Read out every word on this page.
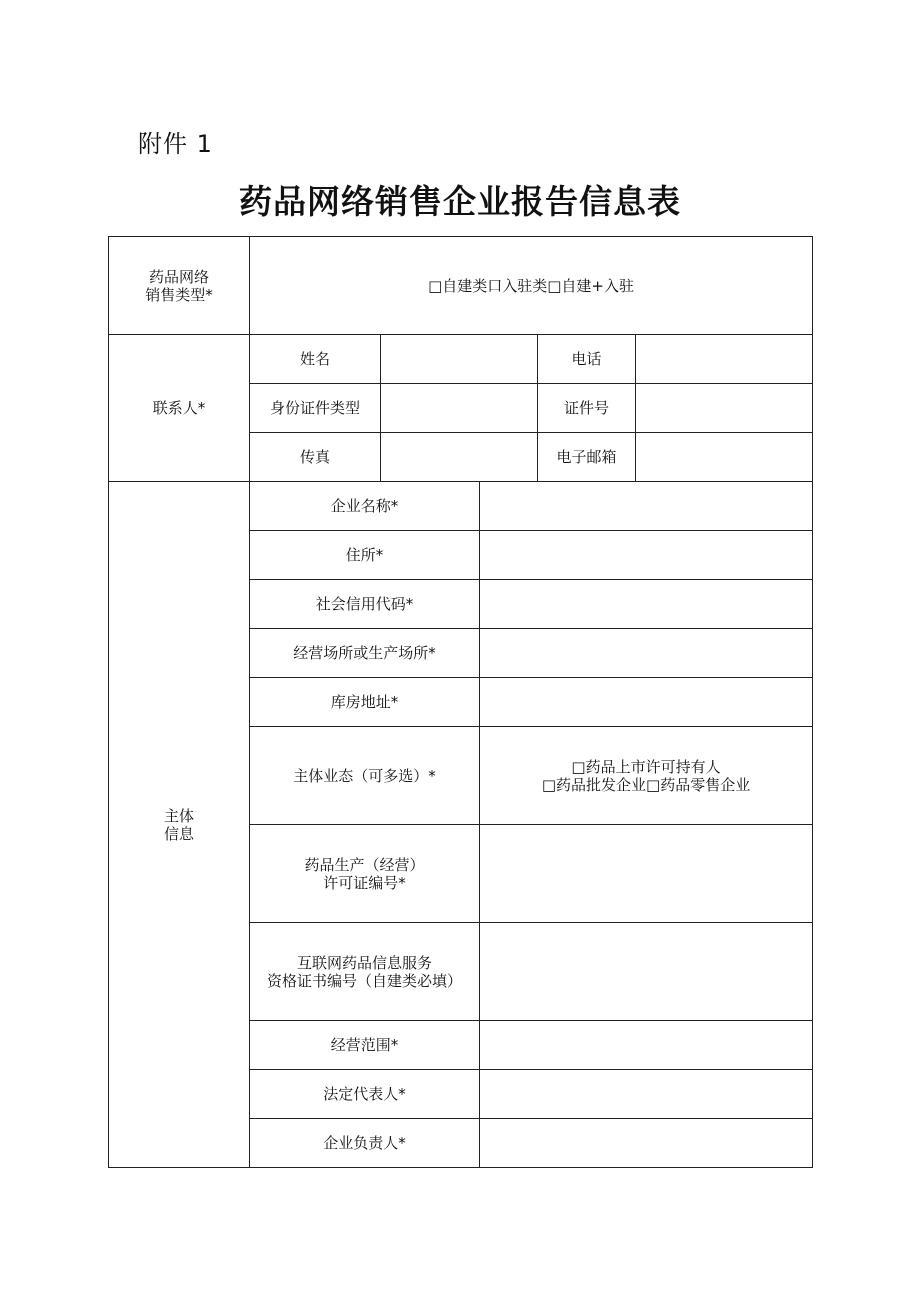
附件 1
药品网络销售企业报告信息表
药品网络
销售类型*	□自建类口入驻类□自建+入驻				
联系人*	姓名			电话	
	身份证件类型			证件号	
	传真			电子邮箱	
主体
信息	企业名称*				
	住所*				
	社会信用代码*				
	经营场所或生产场所*				
	库房地址*				
	主体业态（可多选）*		□药品上市许可持有人
□药品批发企业□药品零售企业		
	药品生产（经营）
许可证编号*				
	互联网药品信息服务
资格证书编号（自建类必填）				
	经营范围*				
	法定代表人*				
	企业负责人*				
